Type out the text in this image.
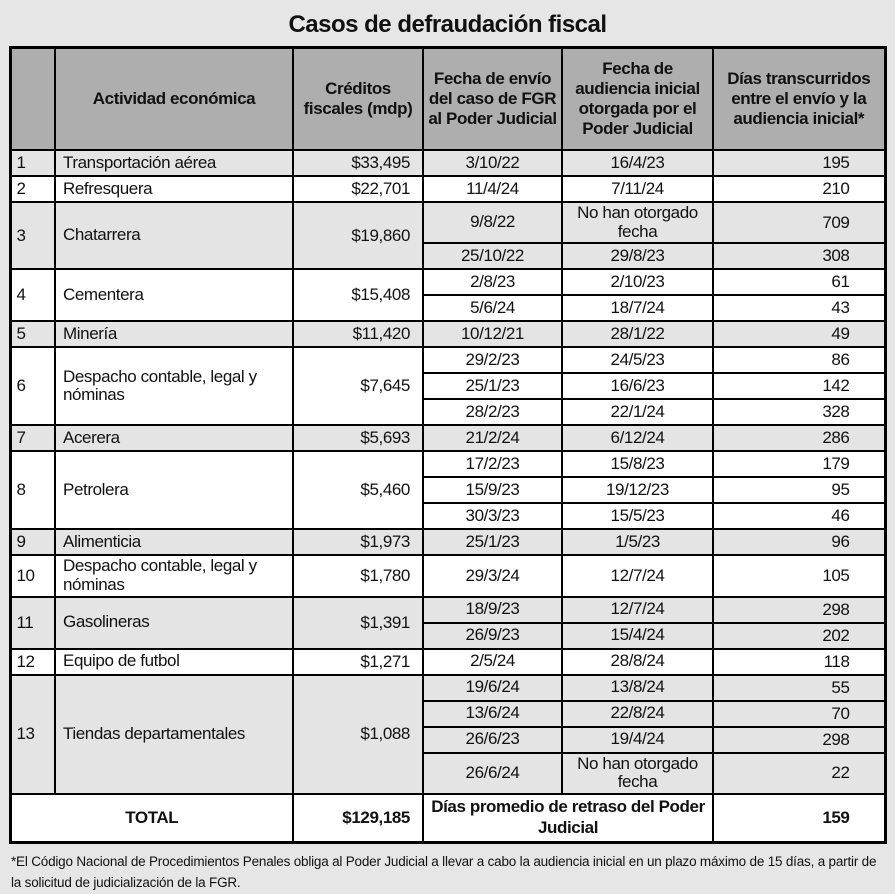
Casos de defraudación fiscal
	Actividad económica	Créditos fiscales (mdp)	Fecha de envío del caso de FGR al Poder Judicial	Fecha de audiencia inicial otorgada por el Poder Judicial	Días transcurridos entre el envío y la audiencia inicial*
1	Transportación aérea	$33,495	3/10/22	16/4/23	195
2	Refresquera	$22,701	11/4/24	7/11/24	210
3	Chatarrera	$19,860	9/8/22	No han otorgado fecha	709
			25/10/22	29/8/23	308
4	Cementera	$15,408	2/8/23	2/10/23	61
			5/6/24	18/7/24	43
5	Minería	$11,420	10/12/21	28/1/22	49
6	Despacho contable, legal y nóminas	$7,645	29/2/23	24/5/23	86
			25/1/23	16/6/23	142
			28/2/23	22/1/24	328
7	Acerera	$5,693	21/2/24	6/12/24	286
8	Petrolera	$5,460	17/2/23	15/8/23	179
			15/9/23	19/12/23	95
			30/3/23	15/5/23	46
9	Alimenticia	$1,973	25/1/23	1/5/23	96
10	Despacho contable, legal y nóminas	$1,780	29/3/24	12/7/24	105
11	Gasolineras	$1,391	18/9/23	12/7/24	298
			26/9/23	15/4/24	202
12	Equipo de futbol	$1,271	2/5/24	28/8/24	118
13	Tiendas departamentales	$1,088	19/6/24	13/8/24	55
			13/6/24	22/8/24	70
			26/6/23	19/4/24	298
			26/6/24	No han otorgado fecha	22
TOTAL		$129,185	Días promedio de retraso del Poder Judicial		159
*El Código Nacional de Procedimientos Penales obliga al Poder Judicial a llevar a cabo la audiencia inicial en un plazo máximo de 15 días, a partir de la solicitud de judicialización de la FGR.
